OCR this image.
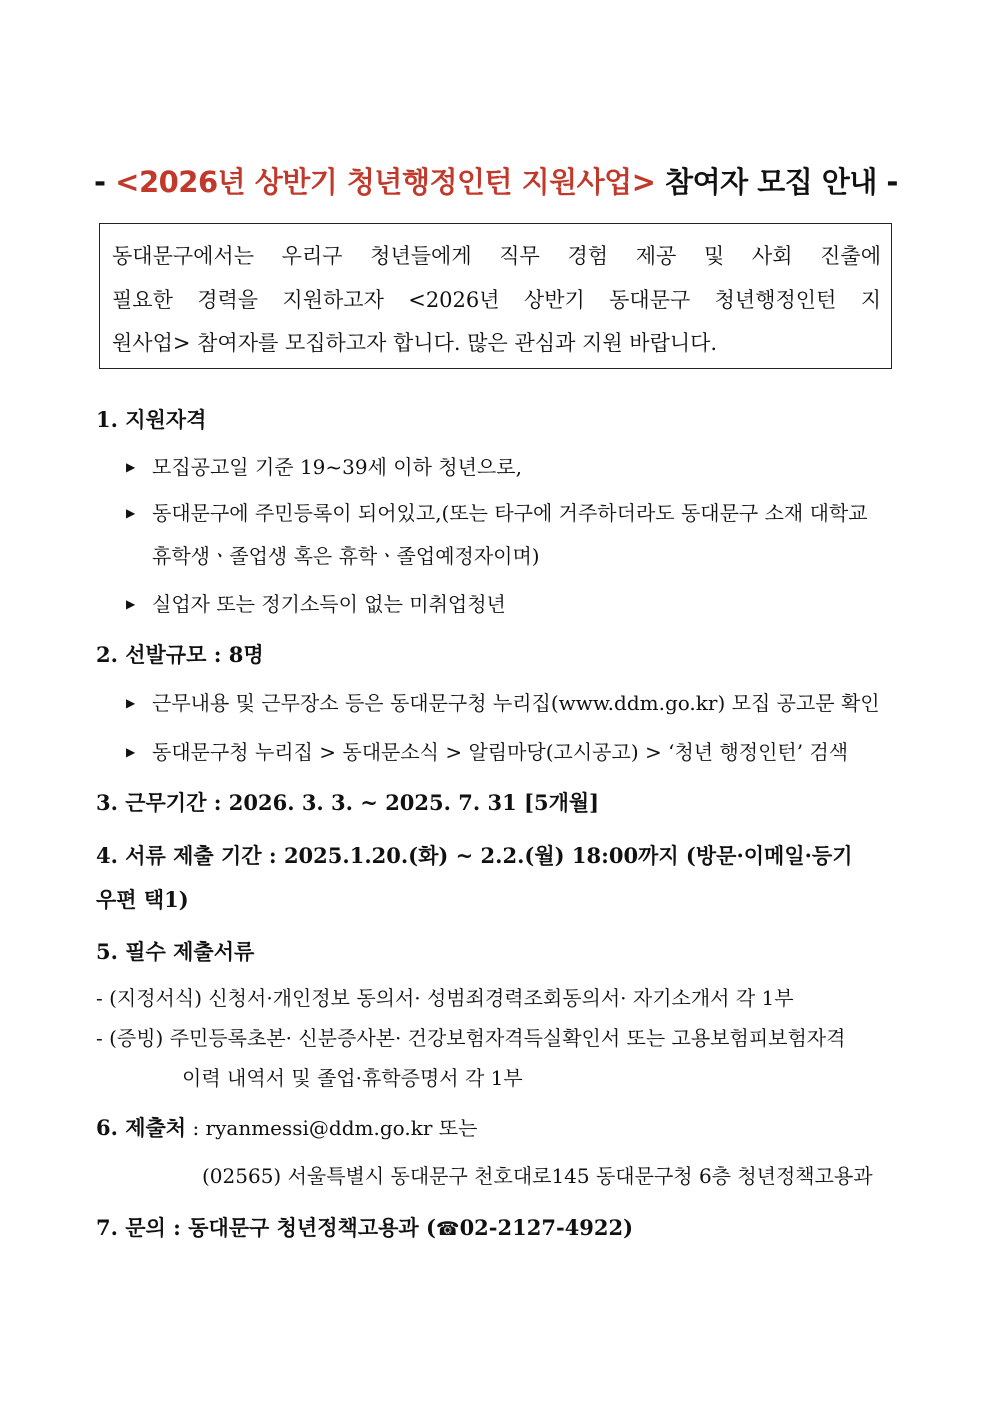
- <2026년 상반기 청년행정인턴 지원사업> 참여자 모집 안내 -
동대문구에서는 우리구 청년들에게 직무 경험 제공 및 사회 진출에
필요한 경력을 지원하고자 <2026년 상반기 동대문구 청년행정인턴 지
원사업> 참여자를 모집하고자 합니다. 많은 관심과 지원 바랍니다.
1. 지원자격
▶ 모집공고일 기준 19~39세 이하 청년으로,
▶ 동대문구에 주민등록이 되어있고,(또는 타구에 거주하더라도 동대문구 소재 대학교
휴학생ㆍ졸업생 혹은 휴학ㆍ졸업예정자이며)
▶ 실업자 또는 정기소득이 없는 미취업청년
2. 선발규모 : 8명
▶ 근무내용 및 근무장소 등은 동대문구청 누리집(www.ddm.go.kr) 모집 공고문 확인
▶ 동대문구청 누리집 > 동대문소식 > 알림마당(고시공고) > ‘청년 행정인턴’ 검색
3. 근무기간 : 2026. 3. 3. ~ 2025. 7. 31 [5개월]
4. 서류 제출 기간 : 2025.1.20.(화) ~ 2.2.(월) 18:00까지 (방문·이메일·등기
우편 택1)
5. 필수 제출서류
- (지정서식) 신청서·개인정보 동의서· 성범죄경력조회동의서· 자기소개서 각 1부
- (증빙) 주민등록초본· 신분증사본· 건강보험자격득실확인서 또는 고용보험피보험자격
이력 내역서 및 졸업·휴학증명서 각 1부
6. 제출처 : ryanmessi@ddm.go.kr 또는
(02565) 서울특별시 동대문구 천호대로145 동대문구청 6층 청년정책고용과
7. 문의 : 동대문구 청년정책고용과 (☎02-2127-4922)
